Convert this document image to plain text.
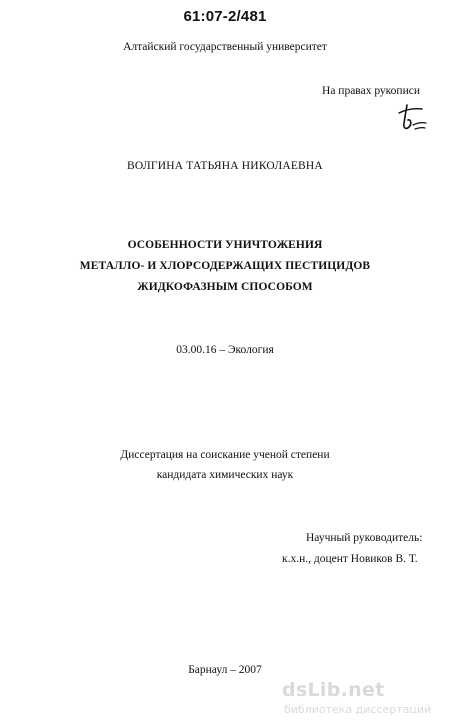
61:07-2/481
Алтайский государственный университет
На правах рукописи
ВОЛГИНА ТАТЬЯНА НИКОЛАЕВНА
ОСОБЕННОСТИ УНИЧТОЖЕНИЯ
МЕТАЛЛО- И ХЛОРСОДЕРЖАЩИХ ПЕСТИЦИДОВ
ЖИДКОФАЗНЫМ СПОСОБОМ
03.00.16 – Экология
Диссертация на соискание ученой степени
кандидата химических наук
Научный руководитель:
к.х.н., доцент Новиков В. Т.
Барнаул – 2007
dsLib.net
библиотека диссертаций
